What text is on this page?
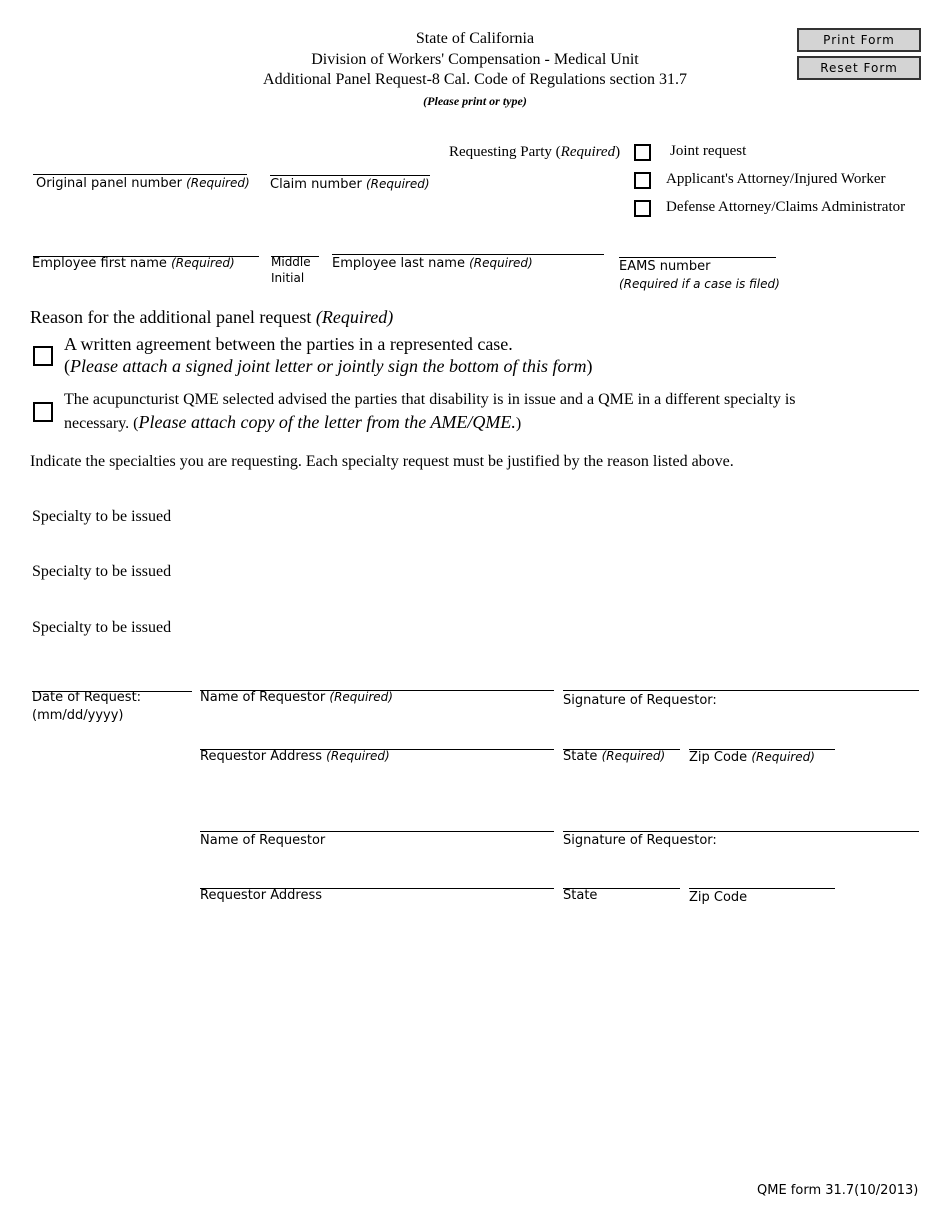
State of California
Division of Workers' Compensation - Medical Unit
Additional Panel Request-8 Cal. Code of Regulations section 31.7
(Please print or type)
Print Form
Reset Form
Requesting Party (Required)	Joint request
Applicant's Attorney/Injured Worker
Defense Attorney/Claims Administrator
Original panel number (Required) Claim number (Required)
Employee first name (Required)	Middle
Initial
Employee last name (Required)	EAMS number
(Required if a case is filed)
Reason for the additional panel request (Required)
A written agreement between the parties in a represented case.
(Please attach a signed joint letter or jointly sign the bottom of this form)
The acupuncturist QME selected advised the parties that disability is in issue and a QME in a different specialty is
necessary. (Please attach copy of the letter from the AME/QME.)
Indicate the specialties you are requesting. Each specialty request must be justified by the reason listed above.
Specialty to be issued
Specialty to be issued
Specialty to be issued
Date of Request:
(mm/dd/yyyy)
Name of Requestor (Required)	Signature of Requestor:
Requestor Address (Required)	State (Required) Zip Code (Required)
Name of Requestor	Signature of Requestor:
Requestor Address	State	Zip Code
QME form 31.7(10/2013)
